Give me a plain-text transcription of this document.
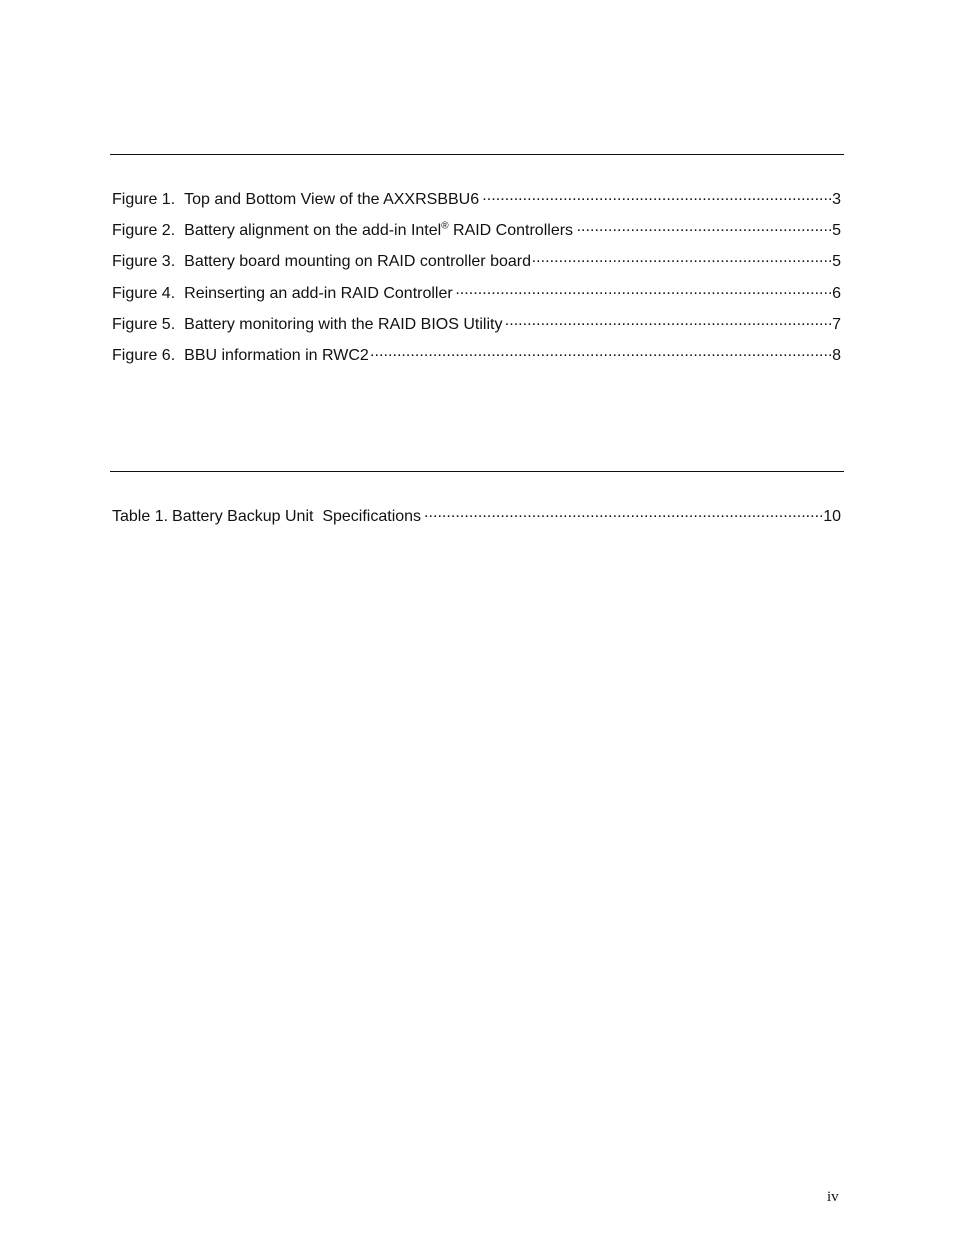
Figure 1. Top and Bottom View of the AXXRSBBU6 . . .	3
Figure 2. Battery alignment on the add-in Intel® RAID Controllers . . .	5
Figure 3. Battery board mounting on RAID controller board . . .	5
Figure 4. Reinserting an add-in RAID Controller . . .	6
Figure 5. Battery monitoring with the RAID BIOS Utility . . .	7
Figure 6. BBU information in RWC2 . . .	8
Table 1. Battery Backup Unit  Specifications . . .	10
iv
